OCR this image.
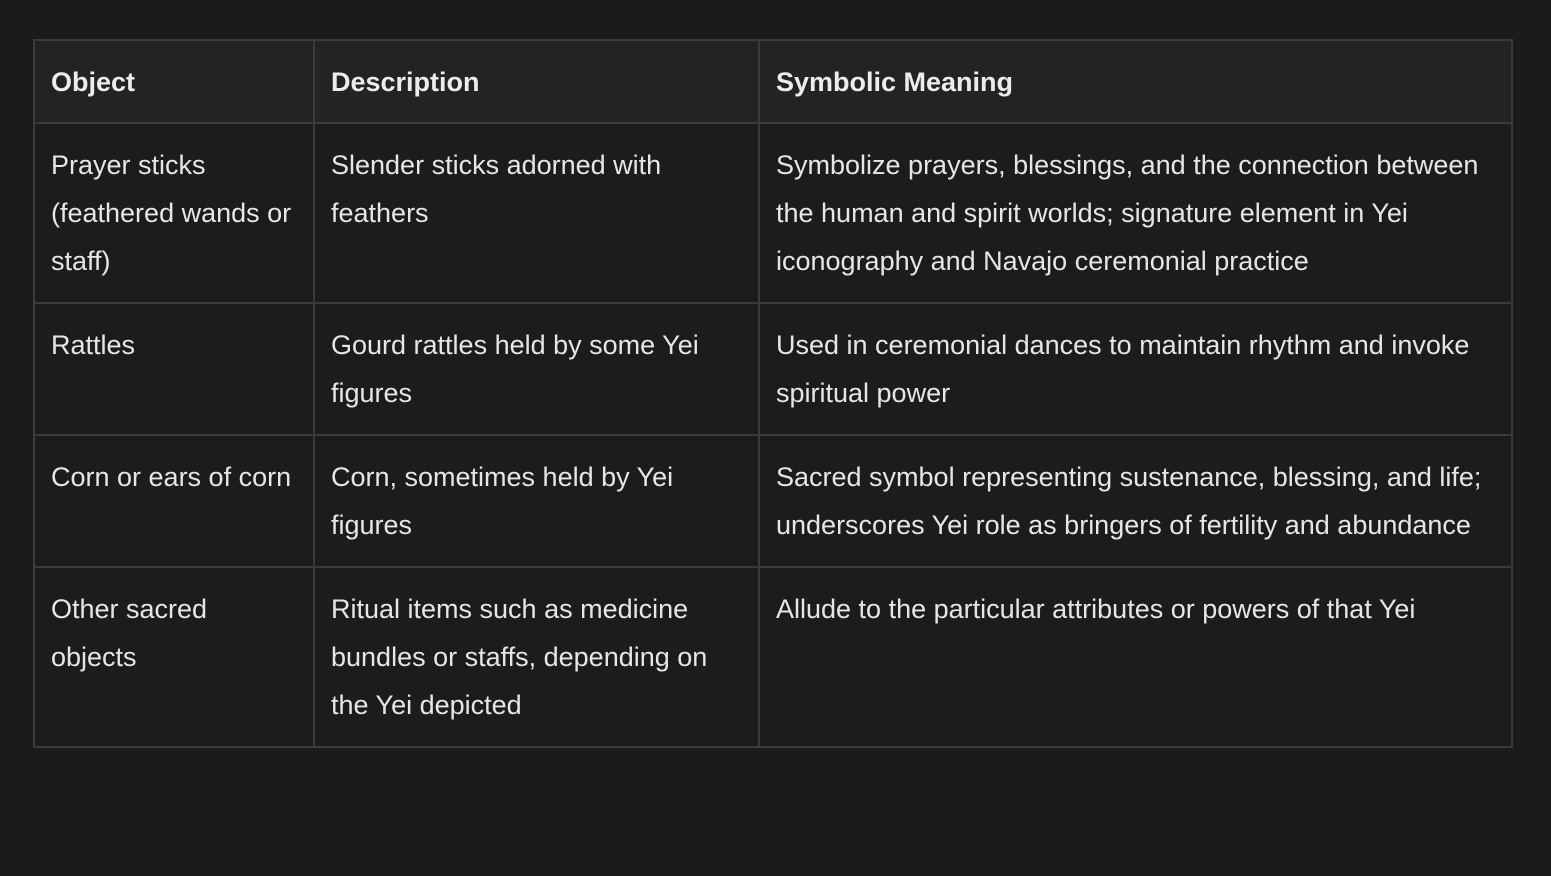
Object	Description	Symbolic Meaning
Prayer sticks (feathered wands or staff)	Slender sticks adorned with feathers	Symbolize prayers, blessings, and the connection between the human and spirit worlds; signature element in Yei iconography and Navajo ceremonial practice
Rattles	Gourd rattles held by some Yei figures	Used in ceremonial dances to maintain rhythm and invoke spiritual power
Corn or ears of corn	Corn, sometimes held by Yei figures	Sacred symbol representing sustenance, blessing, and life; underscores Yei role as bringers of fertility and abundance
Other sacred objects	Ritual items such as medicine bundles or staffs, depending on the Yei depicted	Allude to the particular attributes or powers of that Yei
